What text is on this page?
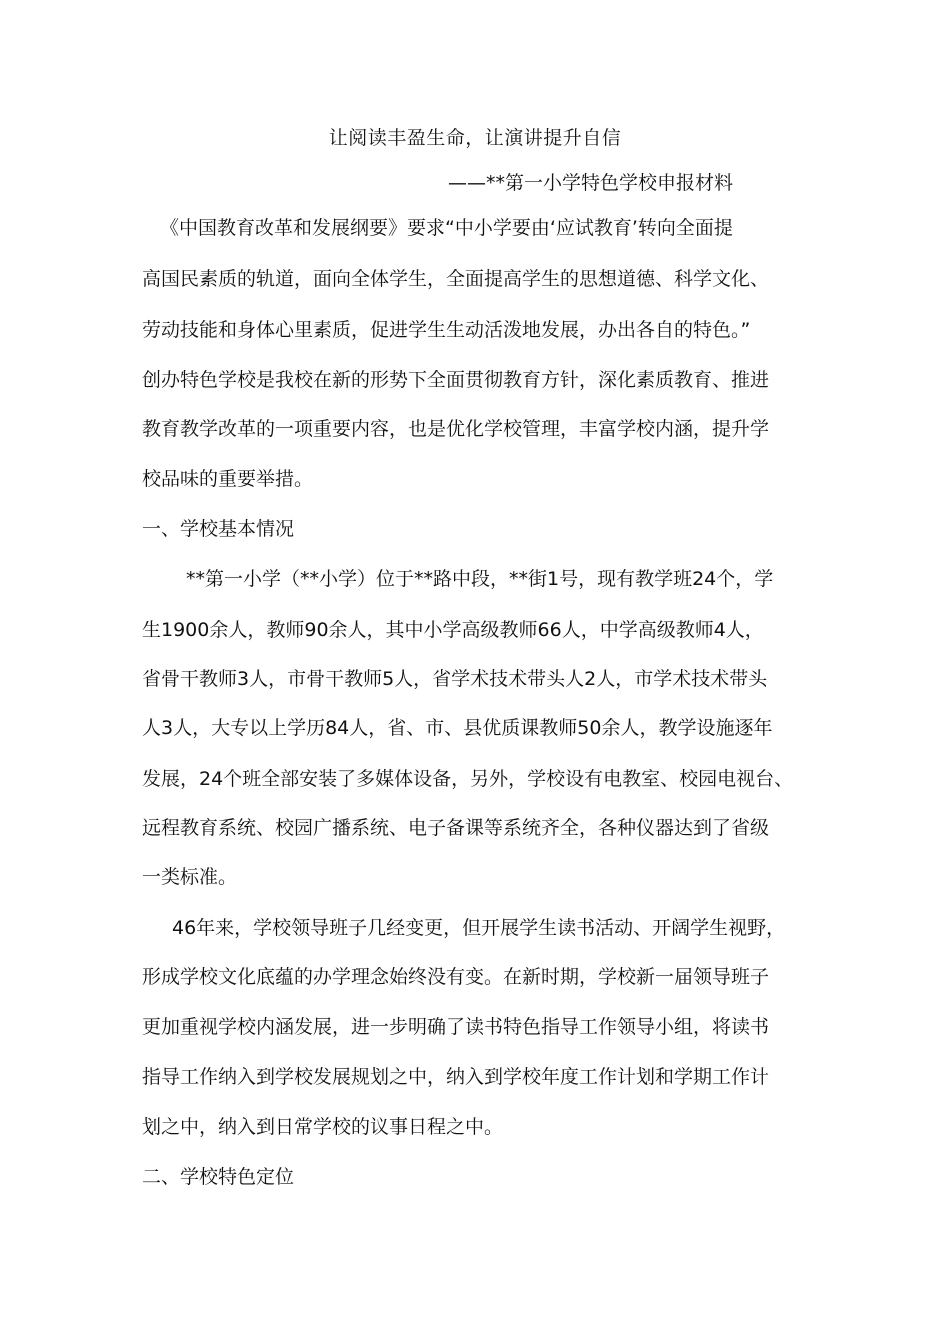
让阅读丰盈生命，让演讲提升自信
——**第一小学特色学校申报材料
《中国教育改革和发展纲要》要求“中小学要由‘应试教育’转向全面提
高国民素质的轨道，面向全体学生，全面提高学生的思想道德、科学文化、
劳动技能和身体心里素质，促进学生生动活泼地发展，办出各自的特色。”
创办特色学校是我校在新的形势下全面贯彻教育方针，深化素质教育、推进
教育教学改革的一项重要内容，也是优化学校管理，丰富学校内涵，提升学
校品味的重要举措。
一、学校基本情况
**第一小学（**小学）位于**路中段，**街1号，现有教学班24个，学
生1900余人，教师90余人，其中小学高级教师66人，中学高级教师4人，
省骨干教师3人，市骨干教师5人，省学术技术带头人2人，市学术技术带头
人3人，大专以上学历84人，省、市、县优质课教师50余人，教学设施逐年
发展，24个班全部安装了多媒体设备，另外，学校设有电教室、校园电视台、
远程教育系统、校园广播系统、电子备课等系统齐全，各种仪器达到了省级
一类标准。
46年来，学校领导班子几经变更，但开展学生读书活动、开阔学生视野，
形成学校文化底蕴的办学理念始终没有变。在新时期，学校新一届领导班子
更加重视学校内涵发展，进一步明确了读书特色指导工作领导小组，将读书
指导工作纳入到学校发展规划之中，纳入到学校年度工作计划和学期工作计
划之中，纳入到日常学校的议事日程之中。
二、学校特色定位
